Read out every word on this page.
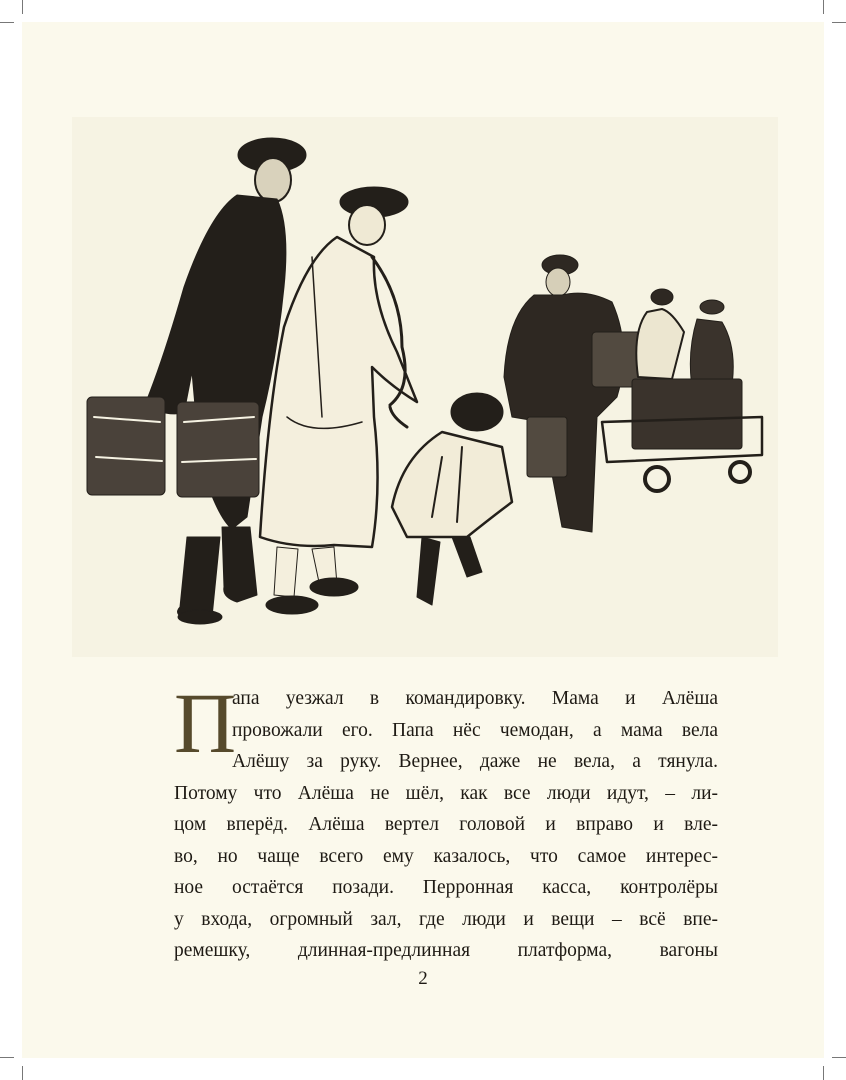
П
апа уезжал в командировку. Мама и Алёша
провожали его. Папа нёс чемодан, а мама вела
Алёшу за руку. Вернее, даже не вела, а тянула.
Потому что Алёша не шёл, как все люди идут, – ли-
цом вперёд. Алёша вертел головой и вправо и вле-
во, но чаще всего ему казалось, что самое интерес-
ное остаётся позади. Перронная касса, контролёры
у входа, огромный зал, где люди и вещи – всё впе-
ремешку, длинная-предлинная платформа, вагоны
2
